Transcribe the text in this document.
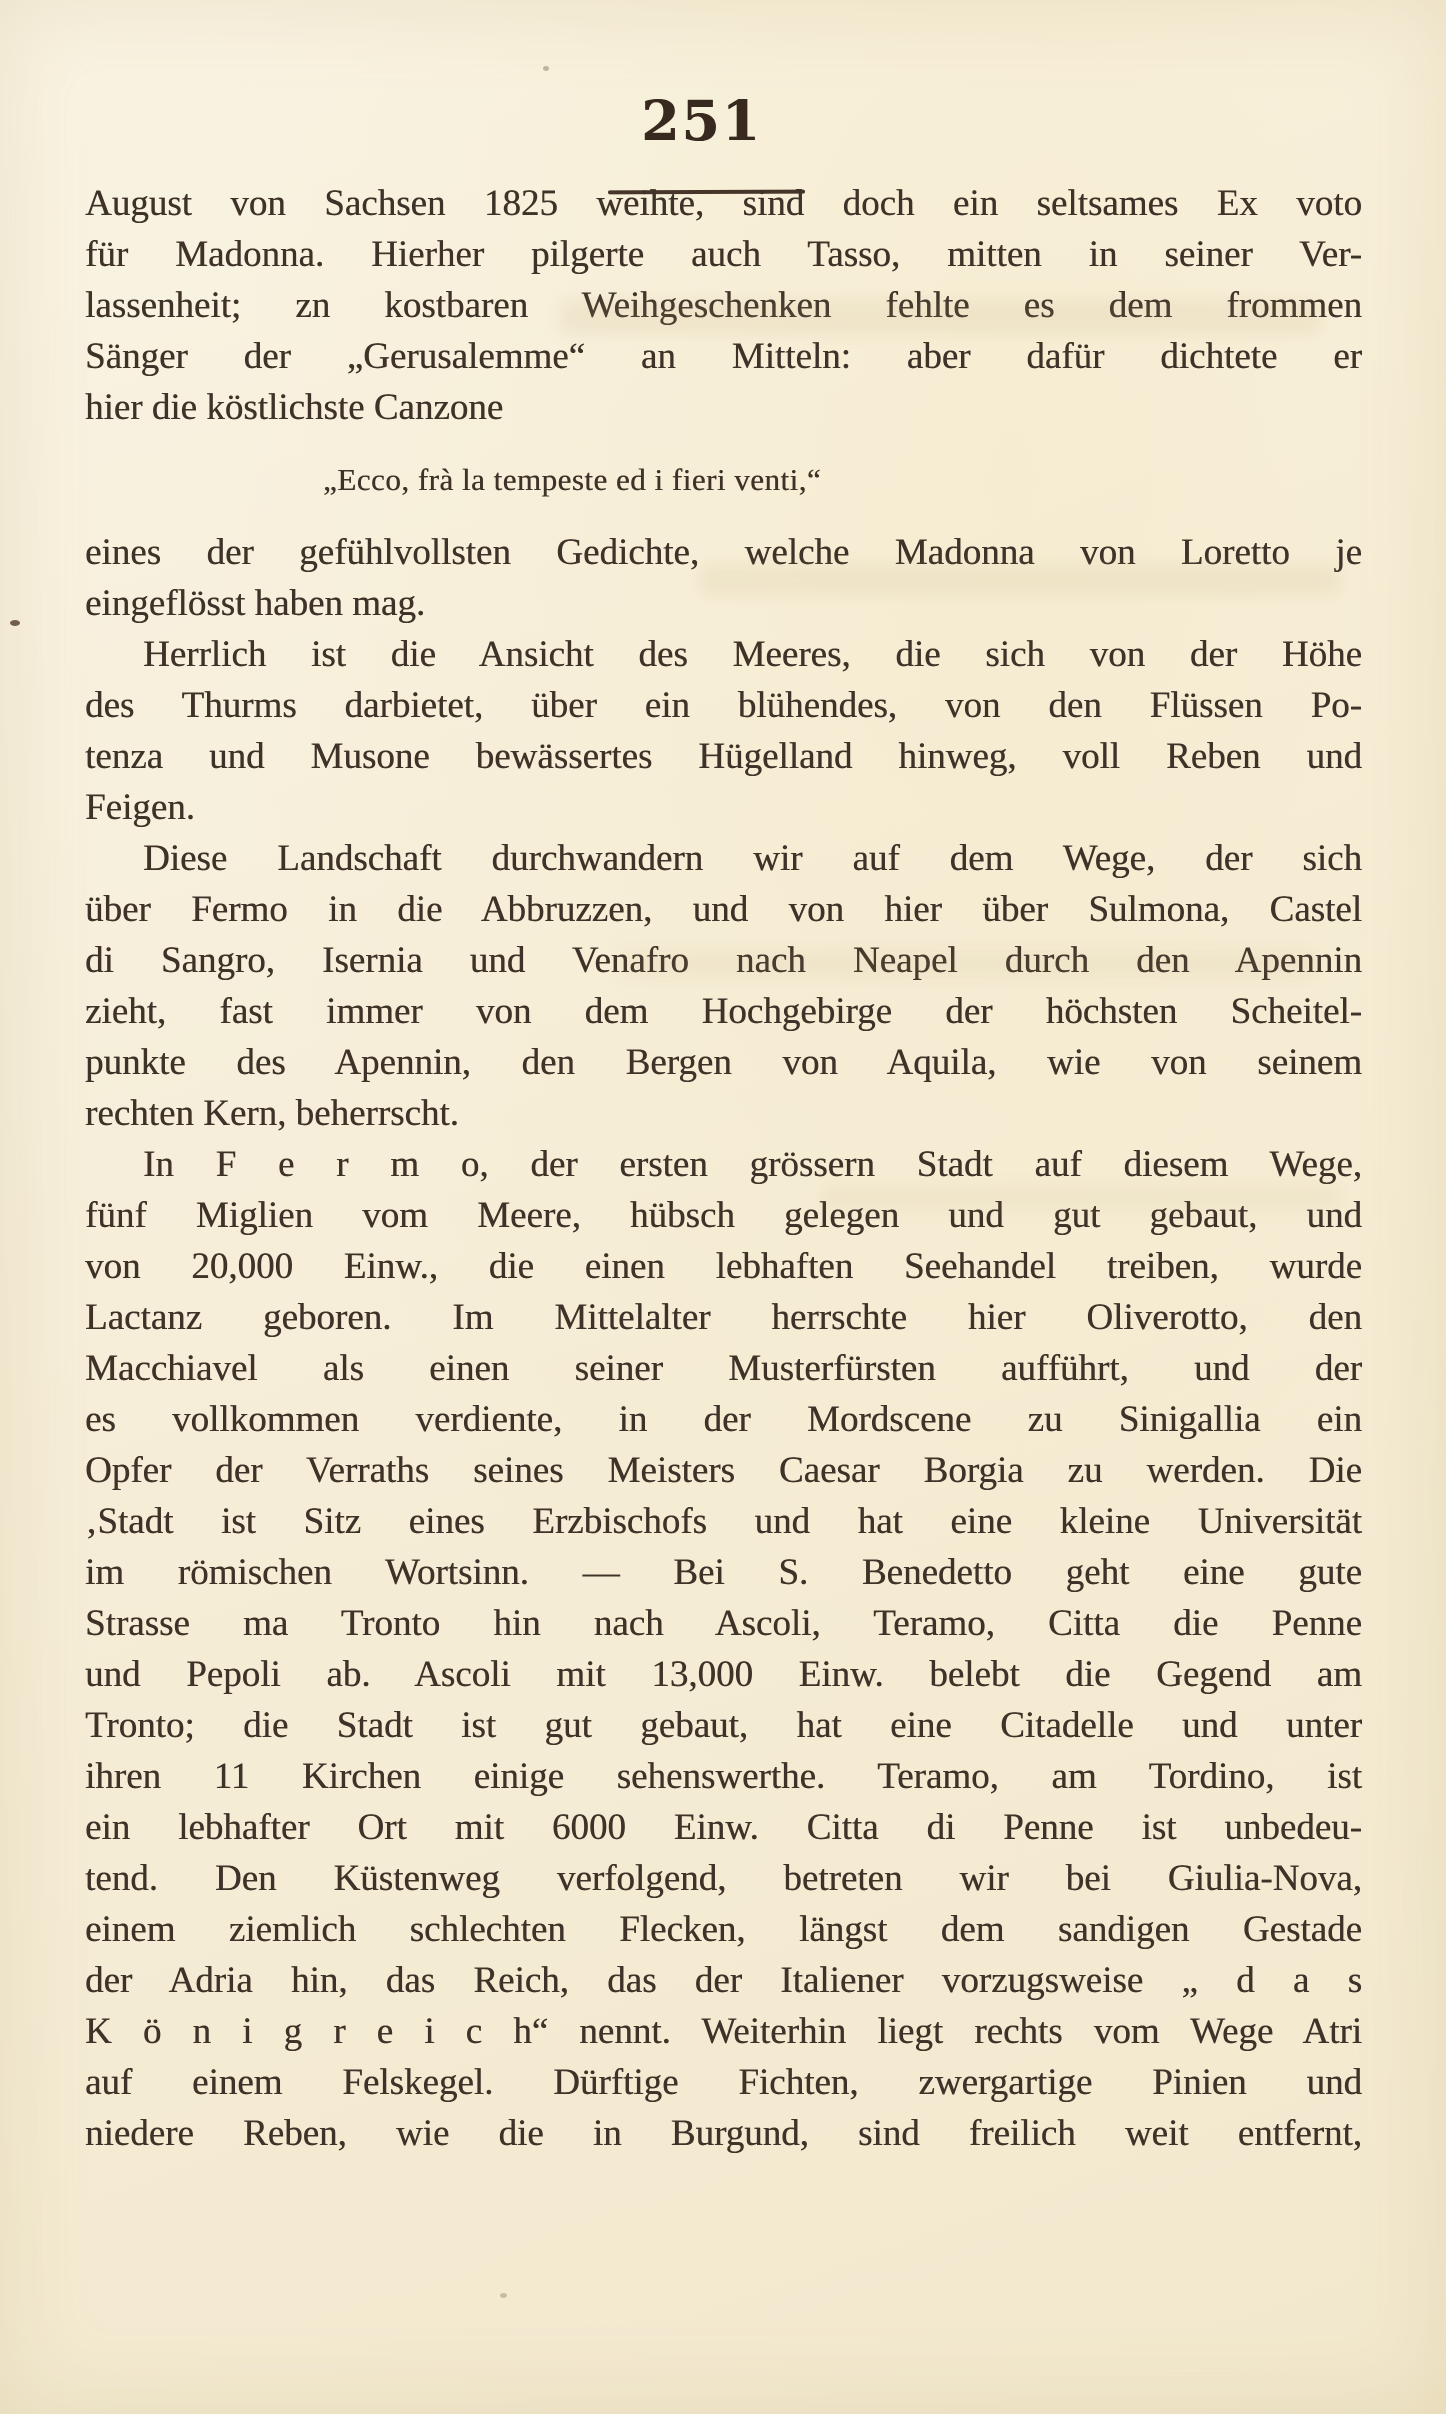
251
August von Sachsen 1825 weihte, sind doch ein seltsames Ex voto
für Madonna. Hierher pilgerte auch Tasso, mitten in seiner Ver-
lassenheit; zn kostbaren Weihgeschenken fehlte es dem frommen
Sänger der „Gerusalemme“ an Mitteln: aber dafür dichtete er
hier die köstlichste Canzone
„Ecco, frà la tempeste ed i fieri venti,“
eines der gefühlvollsten Gedichte, welche Madonna von Loretto je
eingeflösst haben mag.
Herrlich ist die Ansicht des Meeres, die sich von der Höhe
des Thurms darbietet, über ein blühendes, von den Flüssen Po-
tenza und Musone bewässertes Hügelland hinweg, voll Reben und
Feigen.
Diese Landschaft durchwandern wir auf dem Wege, der sich
über Fermo in die Abbruzzen, und von hier über Sulmona, Castel
di Sangro, Isernia und Venafro nach Neapel durch den Apennin
zieht, fast immer von dem Hochgebirge der höchsten Scheitel-
punkte des Apennin, den Bergen von Aquila, wie von seinem
rechten Kern, beherrscht.
In F e r m o, der ersten grössern Stadt auf diesem Wege,
fünf Miglien vom Meere, hübsch gelegen und gut gebaut, und
von 20,000 Einw., die einen lebhaften Seehandel treiben, wurde
Lactanz geboren. Im Mittelalter herrschte hier Oliverotto, den
Macchiavel als einen seiner Musterfürsten aufführt, und der
es vollkommen verdiente, in der Mordscene zu Sinigallia ein
Opfer der Verraths seines Meisters Caesar Borgia zu werden. Die
‚Stadt ist Sitz eines Erzbischofs und hat eine kleine Universität
im römischen Wortsinn. — Bei S. Benedetto geht eine gute
Strasse ma Tronto hin nach Ascoli, Teramo, Citta die Penne
und Pepoli ab. Ascoli mit 13,000 Einw. belebt die Gegend am
Tronto; die Stadt ist gut gebaut, hat eine Citadelle und unter
ihren 11 Kirchen einige sehenswerthe. Teramo, am Tordino, ist
ein lebhafter Ort mit 6000 Einw. Citta di Penne ist unbedeu-
tend. Den Küstenweg verfolgend, betreten wir bei Giulia-Nova,
einem ziemlich schlechten Flecken, längst dem sandigen Gestade
der Adria hin, das Reich, das der Italiener vorzugsweise „ d a s
K ö n i g r e i c h“ nennt. Weiterhin liegt rechts vom Wege Atri
auf einem Felskegel. Dürftige Fichten, zwergartige Pinien und
niedere Reben, wie die in Burgund, sind freilich weit entfernt,
